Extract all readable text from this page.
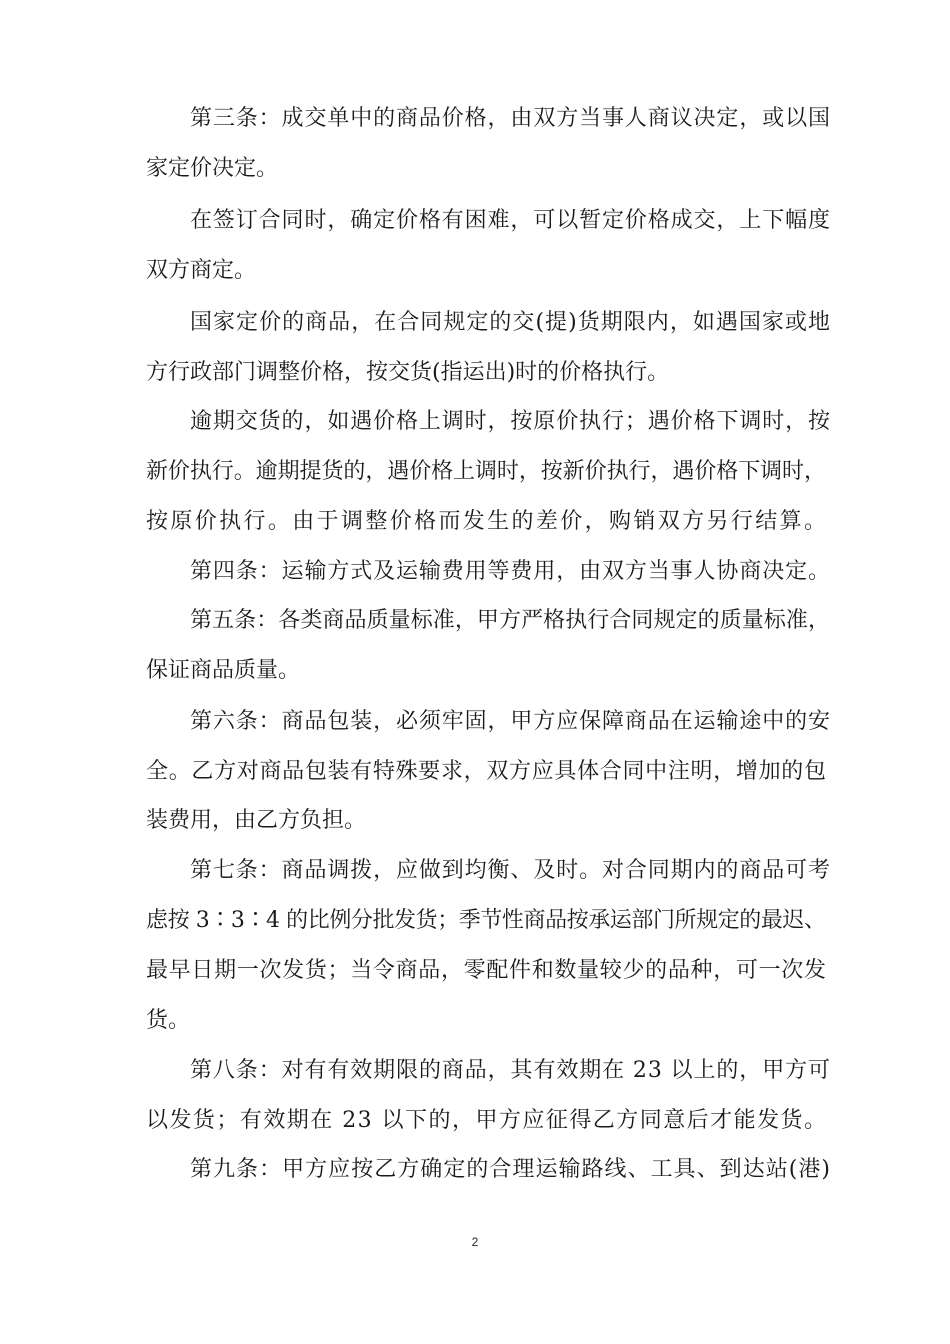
第三条：成交单中的商品价格，由双方当事人商议决定，或以国
家定价决定。
在签订合同时，确定价格有困难，可以暂定价格成交，上下幅度
双方商定。
国家定价的商品，在合同规定的交(提)货期限内，如遇国家或地
方行政部门调整价格，按交货(指运出)时的价格执行。
逾期交货的，如遇价格上调时，按原价执行；遇价格下调时，按
新价执行。逾期提货的，遇价格上调时，按新价执行，遇价格下调时，
按原价执行。由于调整价格而发生的差价，购销双方另行结算。
第四条：运输方式及运输费用等费用，由双方当事人协商决定。
第五条：各类商品质量标准，甲方严格执行合同规定的质量标准，
保证商品质量。
第六条：商品包装，必须牢固，甲方应保障商品在运输途中的安
全。乙方对商品包装有特殊要求，双方应具体合同中注明，增加的包
装费用，由乙方负担。
第七条：商品调拨，应做到均衡、及时。对合同期内的商品可考
虑按 3∶3∶4 的比例分批发货；季节性商品按承运部门所规定的最迟、
最早日期一次发货；当令商品，零配件和数量较少的品种，可一次发
货。
第八条：对有有效期限的商品，其有效期在 23 以上的，甲方可
以发货；有效期在 23 以下的，甲方应征得乙方同意后才能发货。
第九条：甲方应按乙方确定的合理运输路线、工具、到达站(港)
2
